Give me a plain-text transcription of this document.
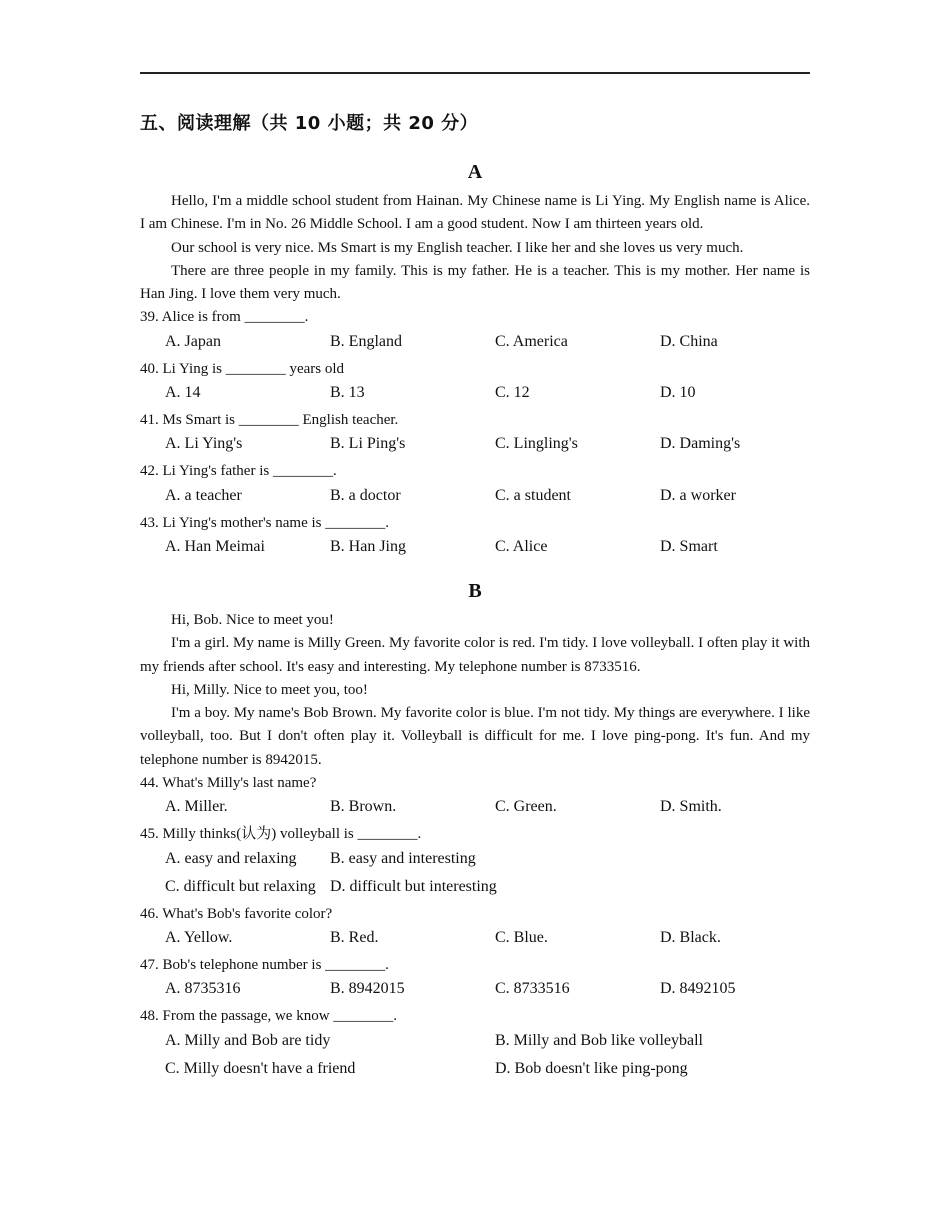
五、阅读理解（共 10 小题；共 20 分）
A
Hello, I'm a middle school student from Hainan. My Chinese name is Li Ying. My English name is Alice. I am Chinese. I'm in No. 26 Middle School. I am a good student. Now I am thirteen years old.
Our school is very nice. Ms Smart is my English teacher. I like her and she loves us very much.
There are three people in my family. This is my father. He is a teacher. This is my mother. Her name is Han Jing. I love them very much.
39. Alice is from ________.
A. Japan	B. England	C. America	D. China
40. Li Ying is ________ years old
A. 14	B. 13	C. 12	D. 10
41. Ms Smart is ________ English teacher.
A. Li Ying's	B. Li Ping's	C. Lingling's	D. Daming's
42. Li Ying's father is ________.
A. a teacher	B. a doctor	C. a student	D. a worker
43. Li Ying's mother's name is ________.
A. Han Meimai	B. Han Jing	C. Alice	D. Smart
B
Hi, Bob. Nice to meet you!
I'm a girl. My name is Milly Green. My favorite color is red. I'm tidy. I love volleyball. I often play it with my friends after school. It's easy and interesting. My telephone number is 8733516.
Hi, Milly. Nice to meet you, too!
I'm a boy. My name's Bob Brown. My favorite color is blue. I'm not tidy. My things are everywhere. I like volleyball, too. But I don't often play it. Volleyball is difficult for me. I love ping-pong. It's fun. And my telephone number is 8942015.
44. What's Milly's last name?
A. Miller.	B. Brown.	C. Green.	D. Smith.
45. Milly thinks(认为) volleyball is ________.
A. easy and relaxing	B. easy and interesting
C. difficult but relaxing D. difficult but interesting
46. What's Bob's favorite color?
A. Yellow.	B. Red.	C. Blue.	D. Black.
47. Bob's telephone number is ________.
A. 8735316	B. 8942015	C. 8733516	D. 8492105
48. From the passage, we know ________.
A. Milly and Bob are tidy	B. Milly and Bob like volleyball
C. Milly doesn't have a friend	D. Bob doesn't like ping-pong
